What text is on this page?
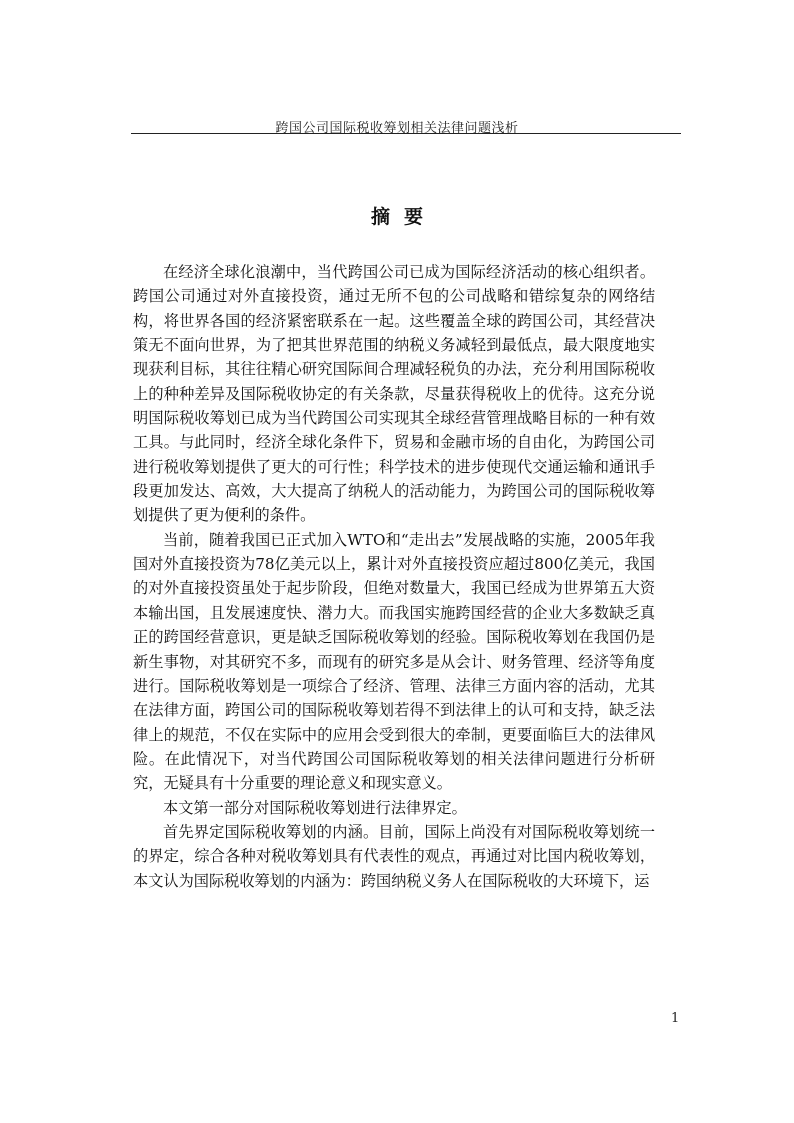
跨国公司国际税收筹划相关法律问题浅析
摘要

在经济全球化浪潮中，当代跨国公司已成为国际经济活动的核心组织者。跨国公司通过对外直接投资，通过无所不包的公司战略和错综复杂的网络结构，将世界各国的经济紧密联系在一起。这些覆盖全球的跨国公司，其经营决策无不面向世界，为了把其世界范围的纳税义务减轻到最低点，最大限度地实现获利目标，其往往精心研究国际间合理减轻税负的办法，充分利用国际税收上的种种差异及国际税收协定的有关条款，尽量获得税收上的优待。这充分说明国际税收筹划已成为当代跨国公司实现其全球经营管理战略目标的一种有效工具。与此同时，经济全球化条件下，贸易和金融市场的自由化，为跨国公司进行税收筹划提供了更大的可行性；科学技术的进步使现代交通运输和通讯手段更加发达、高效，大大提高了纳税人的活动能力，为跨国公司的国际税收筹划提供了更为便利的条件。

当前，随着我国已正式加入WTO和“走出去”发展战略的实施，2005年我国对外直接投资为78亿美元以上，累计对外直接投资应超过800亿美元，我国的对外直接投资虽处于起步阶段，但绝对数量大，我国已经成为世界第五大资本输出国，且发展速度快、潜力大。而我国实施跨国经营的企业大多数缺乏真正的跨国经营意识，更是缺乏国际税收筹划的经验。国际税收筹划在我国仍是新生事物，对其研究不多，而现有的研究多是从会计、财务管理、经济等角度进行。国际税收筹划是一项综合了经济、管理、法律三方面内容的活动，尤其在法律方面，跨国公司的国际税收筹划若得不到法律上的认可和支持，缺乏法律上的规范，不仅在实际中的应用会受到很大的牵制，更要面临巨大的法律风险。在此情况下，对当代跨国公司国际税收筹划的相关法律问题进行分析研究，无疑具有十分重要的理论意义和现实意义。

本文第一部分对国际税收筹划进行法律界定。

首先界定国际税收筹划的内涵。目前，国际上尚没有对国际税收筹划统一的界定，综合各种对税收筹划具有代表性的观点，再通过对比国内税收筹划，本文认为国际税收筹划的内涵为：跨国纳税义务人在国际税收的大环境下，运

1
